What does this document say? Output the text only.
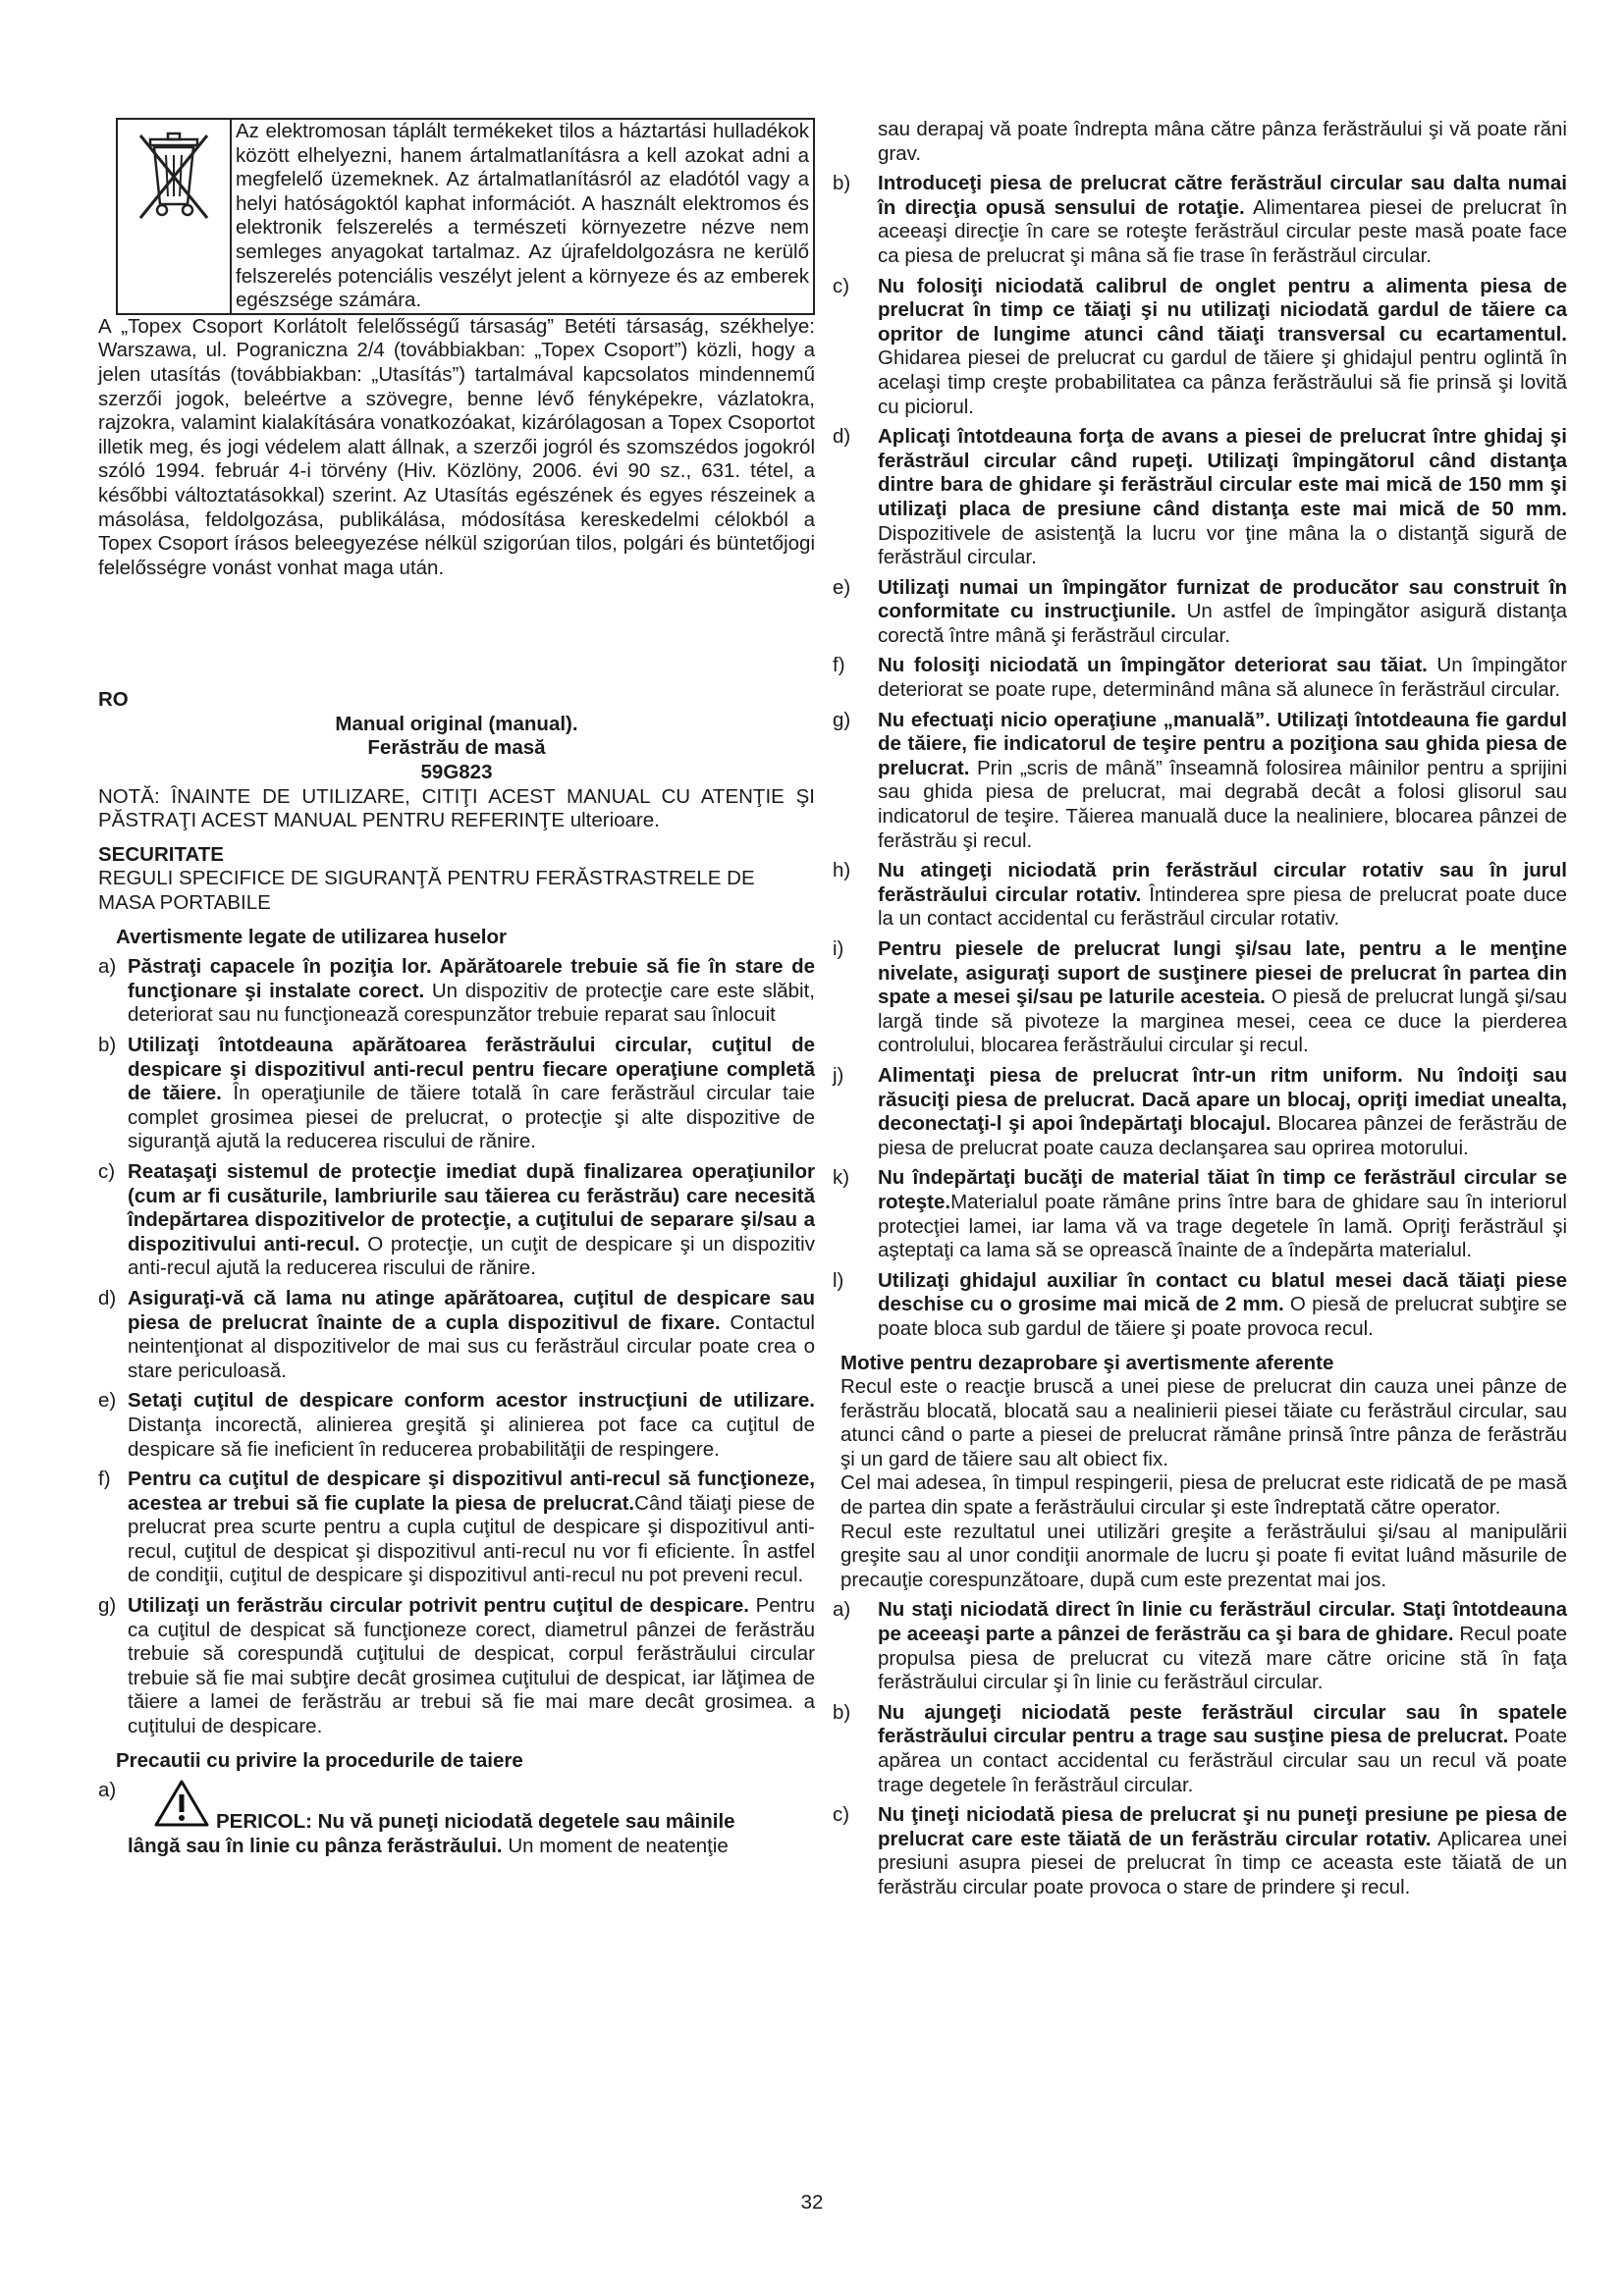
Az elektromosan táplált termékeket tilos a háztartási hulladékok között elhelyezni, hanem ártalmatlanításra a kell azokat adni a megfelelő üzemeknek. Az ártalmatlanításról az eladótól vagy a helyi hatóságoktól kaphat információt. A használt elektromos és elektronik felszerelés a természeti környezetre nézve nem semleges anyagokat tartalmaz. Az újrafeldolgozásra ne kerülő felszerelés potenciális veszélyt jelent a környeze és az emberek egészsége számára.

A „Topex Csoport Korlátolt felelősségű társaság” Betéti társaság, székhelye: Warszawa, ul. Pograniczna 2/4 (továbbiakban: „Topex Csoport”) közli, hogy a jelen utasítás (továbbiakban: „Utasítás”) tartalmával kapcsolatos mindennemű szerzői jogok, beleértve a szövegre, benne lévő fényképekre, vázlatokra, rajzokra, valamint kialakítására vonatkozóakat, kizárólagosan a Topex Csoportot illetik meg, és jogi védelem alatt állnak, a szerzői jogról és szomszédos jogokról szóló 1994. február 4-i törvény (Hiv. Közlöny, 2006. évi 90 sz., 631. tétel, a későbbi változtatásokkal) szerint. Az Utasítás egészének és egyes részeinek a másolása, feldolgozása, publikálása, módosítása kereskedelmi célokból a Topex Csoport írásos beleegyezése nélkül szigorúan tilos, polgári és büntetőjogi felelősségre vonást vonhat maga után.

RO

Manual original (manual).

Ferăstrău de masă

59G823

NOTĂ: ÎNAINTE DE UTILIZARE, CITIŢI ACEST MANUAL CU ATENŢIE ŞI PĂSTRAŢI ACEST MANUAL PENTRU REFERINŢE ulterioare.

SECURITATE

REGULI SPECIFICE DE SIGURANŢĂ PENTRU FERĂSTRASTRELE DE MASA PORTABILE

Avertismente legate de utilizarea huselor

a) Păstraţi capacele în poziţia lor. Apărătoarele trebuie să fie în stare de funcţionare şi instalate corect. Un dispozitiv de protecţie care este slăbit, deteriorat sau nu funcţionează corespunzător trebuie reparat sau înlocuit
b) Utilizaţi întotdeauna apărătoarea ferăstrăului circular, cuţitul de despicare şi dispozitivul anti-recul pentru fiecare operaţiune completă de tăiere. În operaţiunile de tăiere totală în care ferăstrăul circular taie complet grosimea piesei de prelucrat, o protecţie şi alte dispozitive de siguranţă ajută la reducerea riscului de rănire.
c) Reataşaţi sistemul de protecţie imediat după finalizarea operaţiunilor (cum ar fi cusăturile, lambriurile sau tăierea cu ferăstrău) care necesită îndepărtarea dispozitivelor de protecţie, a cuţitului de separare şi/sau a dispozitivului anti-recul. O protecţie, un cuţit de despicare şi un dispozitiv anti-recul ajută la reducerea riscului de rănire.
d) Asiguraţi-vă că lama nu atinge apărătoarea, cuţitul de despicare sau piesa de prelucrat înainte de a cupla dispozitivul de fixare. Contactul neintenţionat al dispozitivelor de mai sus cu ferăstrăul circular poate crea o stare periculoasă.
e) Setaţi cuţitul de despicare conform acestor instrucţiuni de utilizare. Distanţa incorectă, alinierea greşită şi alinierea pot face ca cuţitul de despicare să fie ineficient în reducerea probabilităţii de respingere.
f) Pentru ca cuţitul de despicare şi dispozitivul anti-recul să funcţioneze, acestea ar trebui să fie cuplate la piesa de prelucrat.Când tăiaţi piese de prelucrat prea scurte pentru a cupla cuţitul de despicare şi dispozitivul anti-recul, cuţitul de despicat şi dispozitivul anti-recul nu vor fi eficiente. În astfel de condiţii, cuţitul de despicare şi dispozitivul anti-recul nu pot preveni recul.
g) Utilizaţi un ferăstrău circular potrivit pentru cuţitul de despicare. Pentru ca cuţitul de despicat să funcţioneze corect, diametrul pânzei de ferăstrău trebuie să corespundă cuţitului de despicat, corpul ferăstrăului circular trebuie să fie mai subţire decât grosimea cuţitului de despicat, iar lăţimea de tăiere a lamei de ferăstrău ar trebui să fie mai mare decât grosimea. a cuţitului de despicare.

Precautii cu privire la procedurile de taiere

a)
PERICOL: Nu vă puneţi niciodată degetele sau mâinile
lângă sau în linie cu pânza ferăstrăului. Un moment de neatenţie
sau derapaj vă poate îndrepta mâna către pânza ferăstrăului şi vă poate răni grav.
b)	Introduceţi piesa de prelucrat către ferăstrăul circular sau dalta numai în direcţia opusă sensului de rotaţie. Alimentarea piesei de prelucrat în aceeaşi direcţie în care se roteşte ferăstrăul circular peste masă poate face ca piesa de prelucrat şi mâna să fie trase în ferăstrăul circular.
c)	Nu folosiţi niciodată calibrul de onglet pentru a alimenta piesa de prelucrat în timp ce tăiaţi şi nu utilizaţi niciodată gardul de tăiere ca opritor de lungime atunci când tăiaţi transversal cu ecartamentul. Ghidarea piesei de prelucrat cu gardul de tăiere şi ghidajul pentru oglintă în acelaşi timp creşte probabilitatea ca pânza ferăstrăului să fie prinsă şi lovită cu piciorul.
d)	Aplicaţi întotdeauna forţa de avans a piesei de prelucrat între ghidaj şi ferăstrăul circular când rupeţi. Utilizaţi împingătorul când distanţa dintre bara de ghidare şi ferăstrăul circular este mai mică de 150 mm şi utilizaţi placa de presiune când distanţa este mai mică de 50 mm. Dispozitivele de asistenţă la lucru vor ţine mâna la o distanţă sigură de ferăstrăul circular.
e)	Utilizaţi numai un împingător furnizat de producător sau construit în conformitate cu instrucţiunile. Un astfel de împingător asigură distanţa corectă între mână şi ferăstrăul circular.
f)	Nu folosiţi niciodată un împingător deteriorat sau tăiat. Un împingător deteriorat se poate rupe, determinând mâna să alunece în ferăstrăul circular.
g)	Nu efectuaţi nicio operaţiune „manuală”. Utilizaţi întotdeauna fie gardul de tăiere, fie indicatorul de teşire pentru a poziţiona sau ghida piesa de prelucrat. Prin „scris de mână” înseamnă folosirea mâinilor pentru a sprijini sau ghida piesa de prelucrat, mai degrabă decât a folosi glisorul sau indicatorul de teşire. Tăierea manuală duce la nealiniere, blocarea pânzei de ferăstrău şi recul.
h)	Nu atingeţi niciodată prin ferăstrăul circular rotativ sau în jurul ferăstrăului circular rotativ. Întinderea spre piesa de prelucrat poate duce la un contact accidental cu ferăstrăul circular rotativ.
i)	Pentru piesele de prelucrat lungi şi/sau late, pentru a le menţine nivelate, asiguraţi suport de susţinere piesei de prelucrat în partea din spate a mesei şi/sau pe laturile acesteia. O piesă de prelucrat lungă şi/sau largă tinde să pivoteze la marginea mesei, ceea ce duce la pierderea controlului, blocarea ferăstrăului circular şi recul.
j)	Alimentaţi piesa de prelucrat într-un ritm uniform. Nu îndoiţi sau răsuciţi piesa de prelucrat. Dacă apare un blocaj, opriţi imediat unealta, deconectaţi-l şi apoi îndepărtaţi blocajul. Blocarea pânzei de ferăstrău de piesa de prelucrat poate cauza declanşarea sau oprirea motorului.
k)	Nu îndepărtaţi bucăţi de material tăiat în timp ce ferăstrăul circular se roteşte.Materialul poate rămâne prins între bara de ghidare sau în interiorul protecţiei lamei, iar lama vă va trage degetele în lamă. Opriţi ferăstrăul şi aşteptaţi ca lama să se oprească înainte de a îndepărta materialul.
l)	Utilizaţi ghidajul auxiliar în contact cu blatul mesei dacă tăiaţi piese deschise cu o grosime mai mică de 2 mm. O piesă de prelucrat subţire se poate bloca sub gardul de tăiere şi poate provoca recul.

Motive pentru dezaprobare şi avertismente aferente

Recul este o reacţie bruscă a unei piese de prelucrat din cauza unei pânze de ferăstrău blocată, blocată sau a nealinierii piesei tăiate cu ferăstrăul circular, sau atunci când o parte a piesei de prelucrat rămâne prinsă între pânza de ferăstrău şi un gard de tăiere sau alt obiect fix.

Cel mai adesea, în timpul respingerii, piesa de prelucrat este ridicată de pe masă de partea din spate a ferăstrăului circular şi este îndreptată către operator.

Recul este rezultatul unei utilizări greşite a ferăstrăului şi/sau al manipulării greşite sau al unor condiţii anormale de lucru şi poate fi evitat luând măsurile de precauţie corespunzătoare, după cum este prezentat mai jos.

a)	Nu staţi niciodată direct în linie cu ferăstrăul circular. Staţi întotdeauna pe aceeaşi parte a pânzei de ferăstrău ca şi bara de ghidare. Recul poate propulsa piesa de prelucrat cu viteză mare către oricine stă în faţa ferăstrăului circular şi în linie cu ferăstrăul circular.
b)	Nu ajungeţi niciodată peste ferăstrăul circular sau în spatele ferăstrăului circular pentru a trage sau susţine piesa de prelucrat. Poate apărea un contact accidental cu ferăstrăul circular sau un recul vă poate trage degetele în ferăstrăul circular.
c)	Nu ţineţi niciodată piesa de prelucrat şi nu puneţi presiune pe piesa de prelucrat care este tăiată de un ferăstrău circular rotativ. Aplicarea unei presiuni asupra piesei de prelucrat în timp ce aceasta este tăiată de un ferăstrău circular poate provoca o stare de prindere şi recul.
32
